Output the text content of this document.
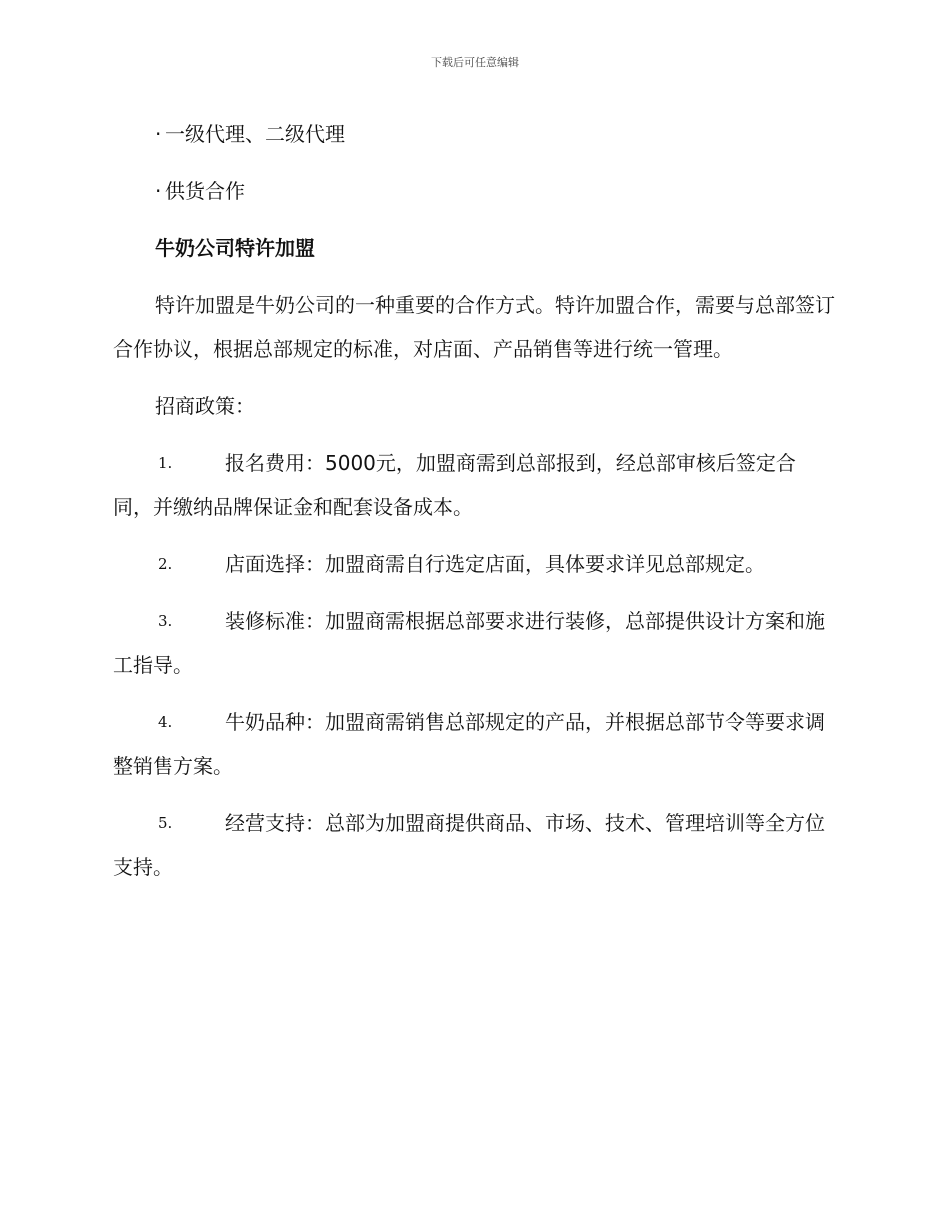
下载后可任意编辑
· 一级代理、二级代理
· 供货合作
牛奶公司特许加盟
特许加盟是牛奶公司的一种重要的合作方式。特许加盟合作，需要与总部签订合作协议，根据总部规定的标准，对店面、产品销售等进行统一管理。
招商政策：
1.	报名费用：5000元，加盟商需到总部报到，经总部审核后签定合同，并缴纳品牌保证金和配套设备成本。
2.	店面选择：加盟商需自行选定店面，具体要求详见总部规定。
3.	装修标准：加盟商需根据总部要求进行装修，总部提供设计方案和施工指导。
4.	牛奶品种：加盟商需销售总部规定的产品，并根据总部节令等要求调整销售方案。
5.	经营支持：总部为加盟商提供商品、市场、技术、管理培训等全方位支持。
